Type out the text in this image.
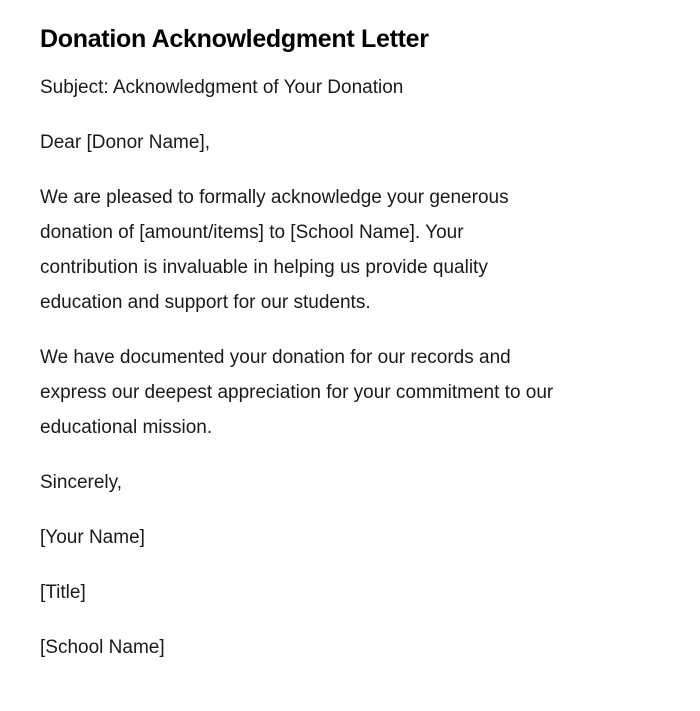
Donation Acknowledgment Letter
Subject: Acknowledgment of Your Donation
Dear [Donor Name],
We are pleased to formally acknowledge your generous
donation of [amount/items] to [School Name]. Your
contribution is invaluable in helping us provide quality
education and support for our students.
We have documented your donation for our records and
express our deepest appreciation for your commitment to our
educational mission.
Sincerely,
[Your Name]
[Title]
[School Name]
